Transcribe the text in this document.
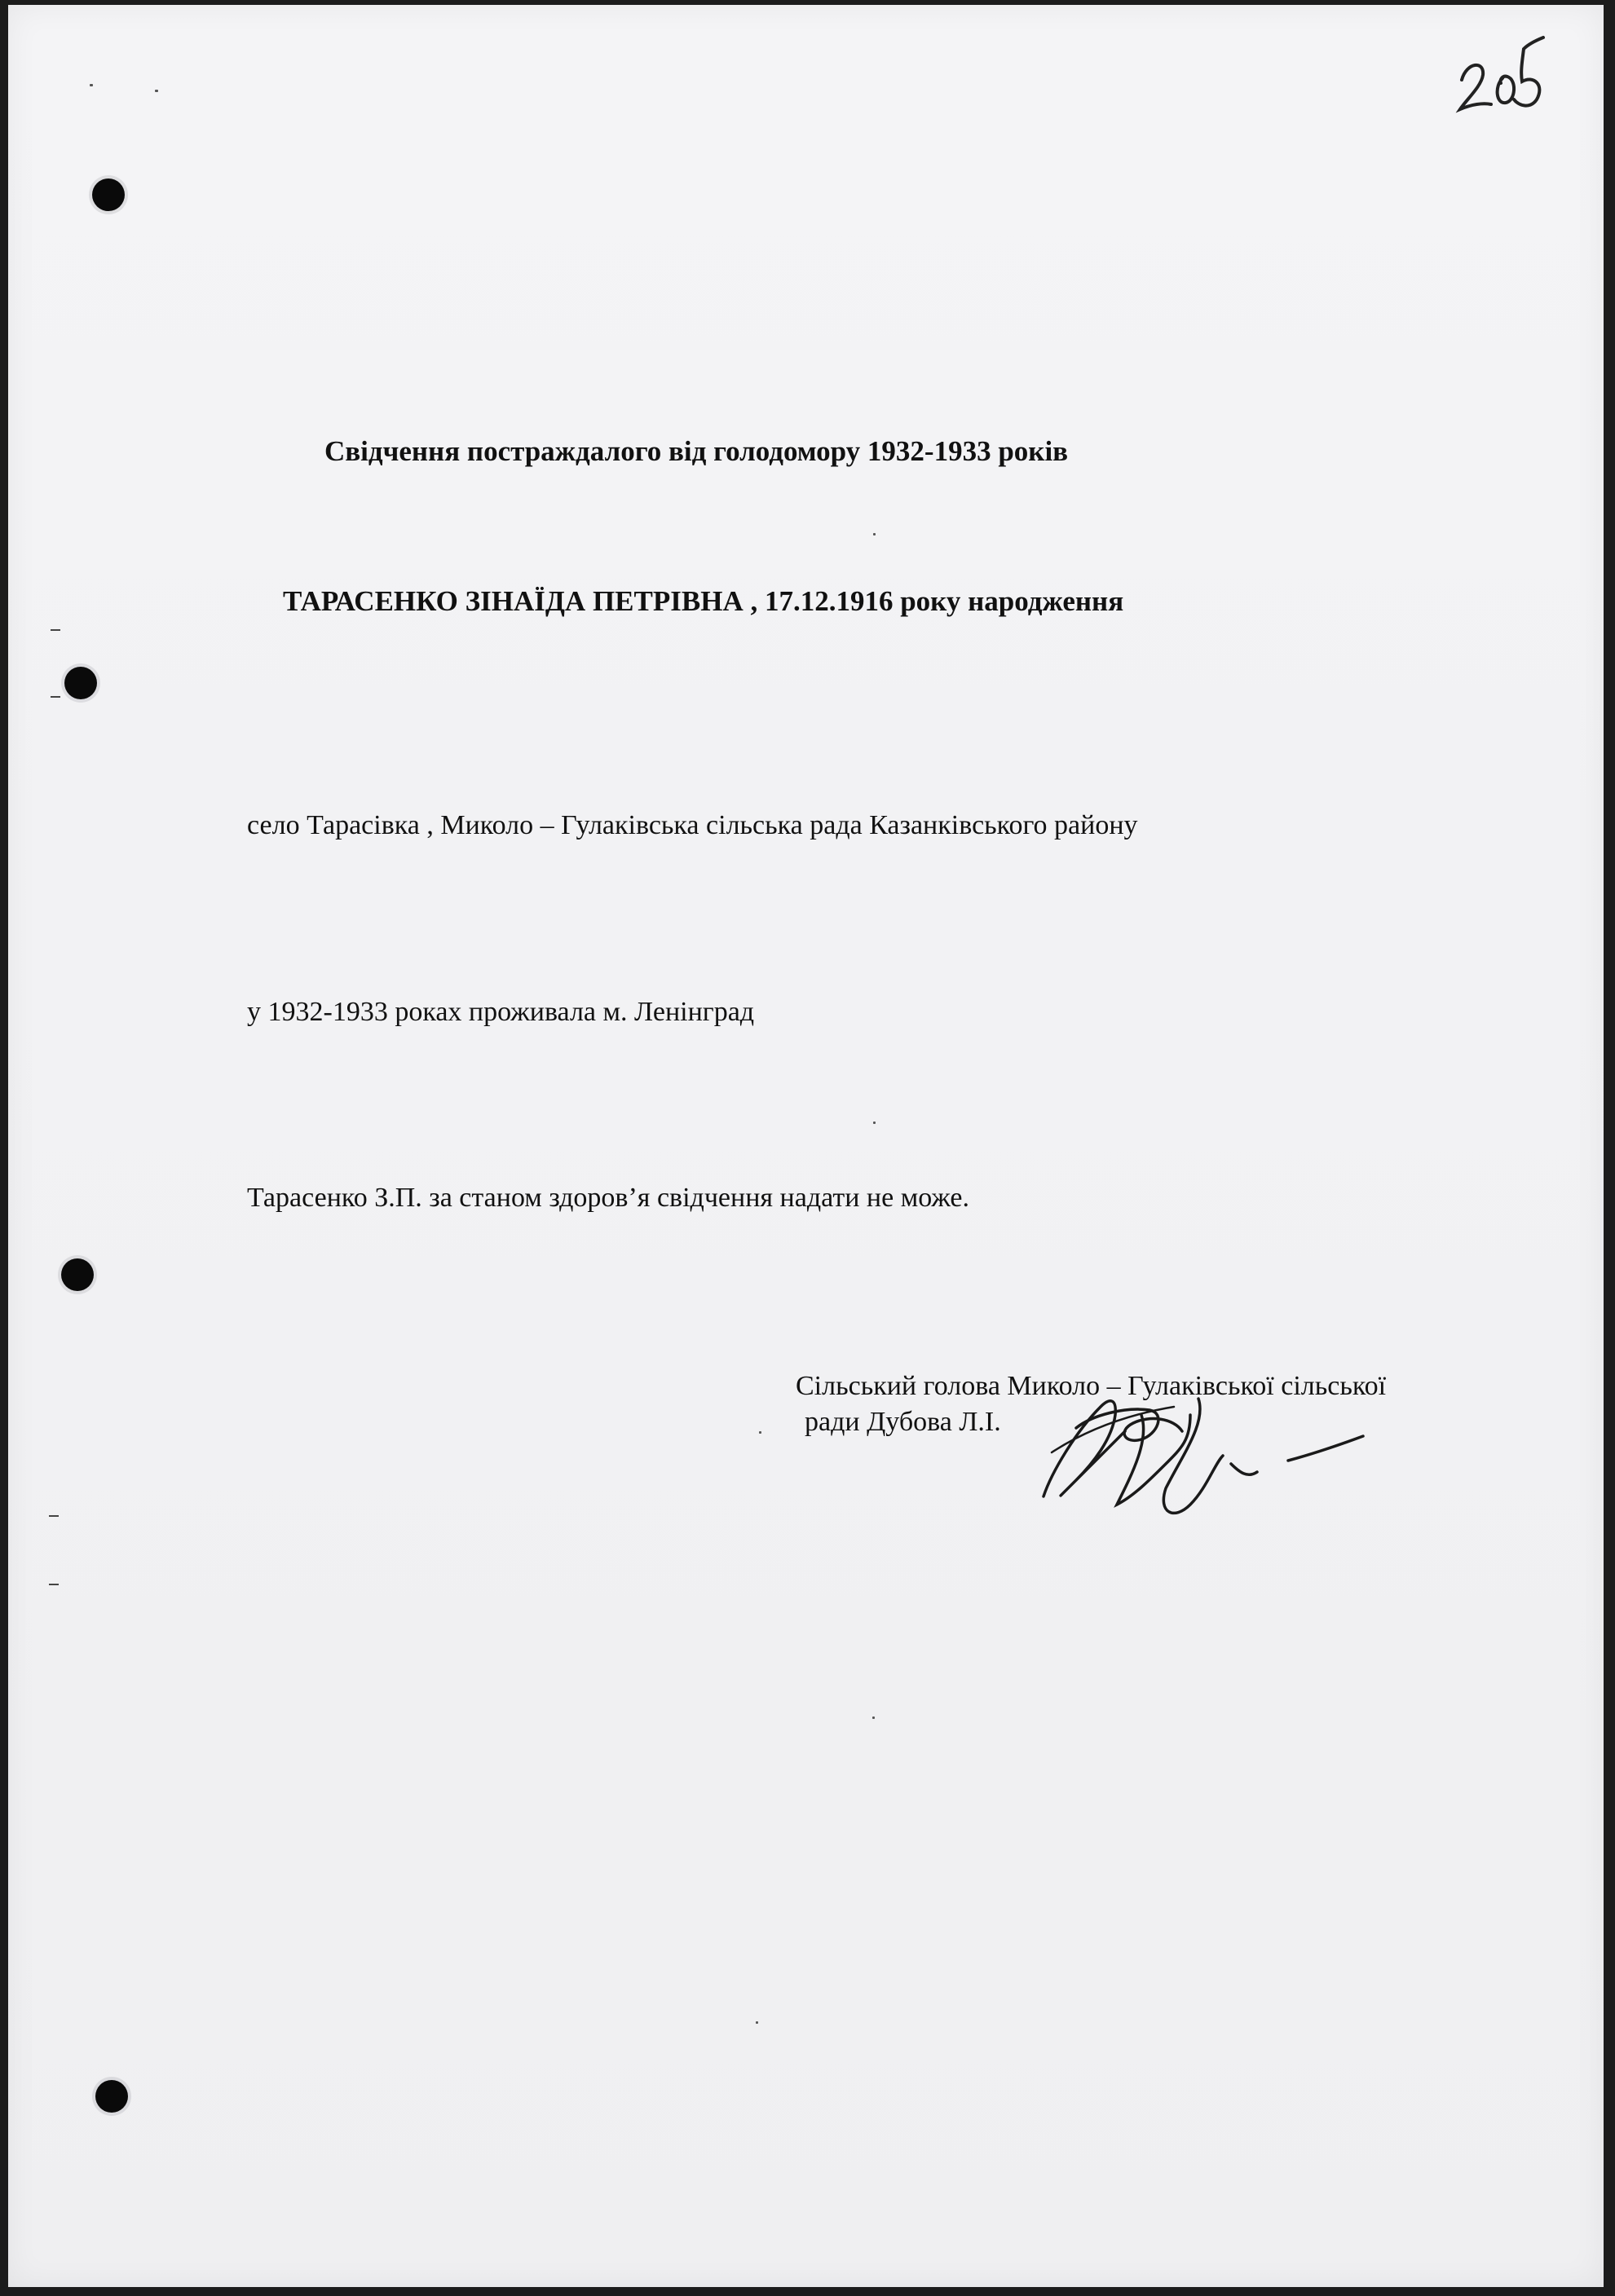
Свідчення постраждалого від голодомору 1932-1933 років
ТАРАСЕНКО ЗІНАЇДА ПЕТРІВНА , 17.12.1916 року народження
село Тарасівка , Миколо – Гулаківська сільська рада Казанківського району
у 1932-1933 роках проживала м. Ленінград
Тарасенко З.П. за станом здоров’я свідчення надати не може.
Сільський голова Миколо – Гулаківської сільської
ради Дубова Л.І.
